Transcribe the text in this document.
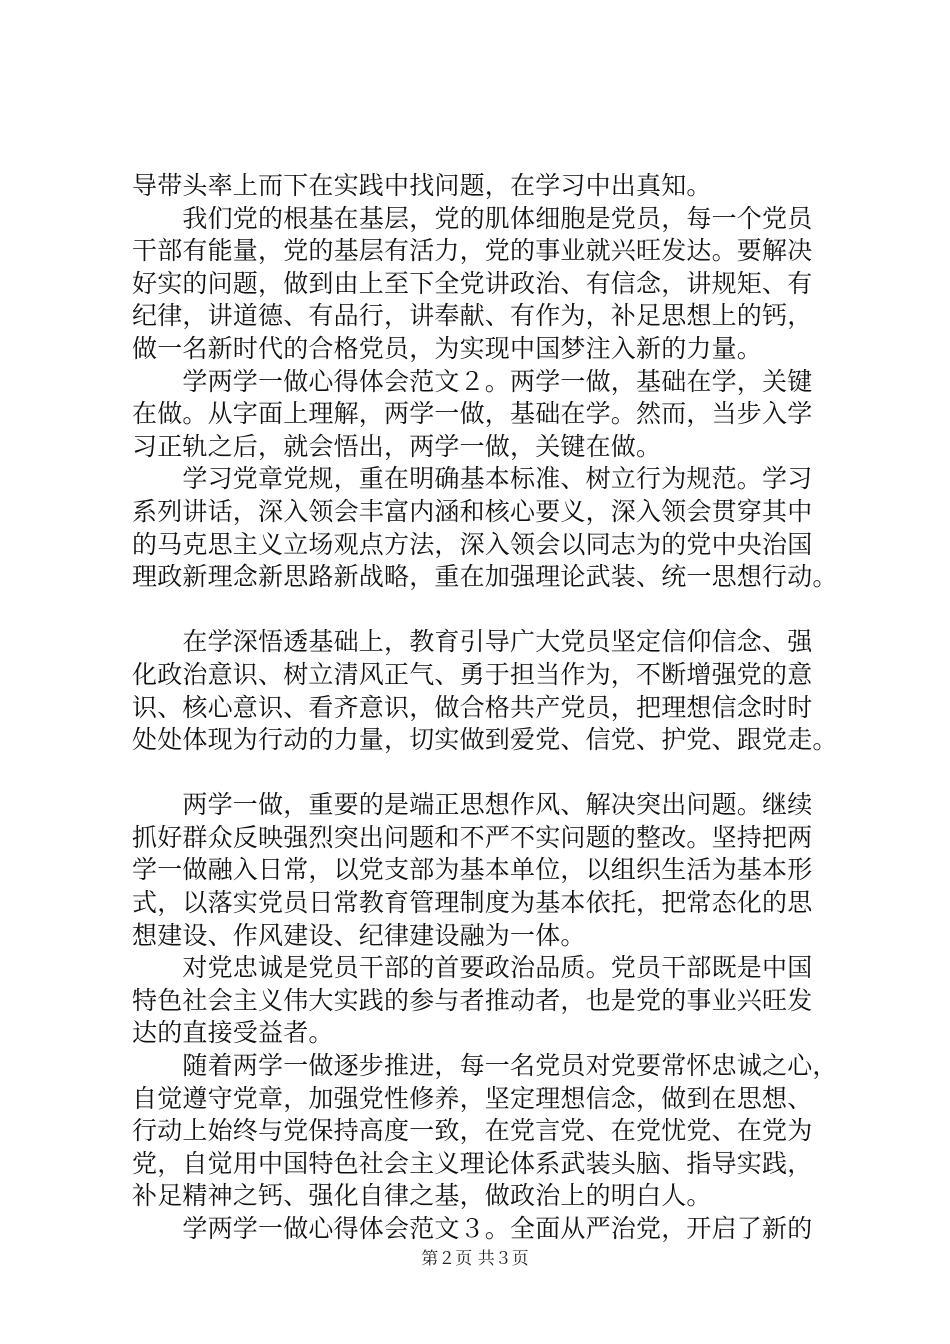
导带头率上而下在实践中找问题，在学习中出真知。

　　我们党的根基在基层，党的肌体细胞是党员，每一个党员

干部有能量，党的基层有活力，党的事业就兴旺发达。要解决

好实的问题，做到由上至下全党讲政治、有信念，讲规矩、有

纪律，讲道德、有品行，讲奉献、有作为，补足思想上的钙，

做一名新时代的合格党员，为实现中国梦注入新的力量。

　　学两学一做心得体会范文２。两学一做，基础在学，关键

在做。从字面上理解，两学一做，基础在学。然而，当步入学

习正轨之后，就会悟出，两学一做，关键在做。

　　学习党章党规，重在明确基本标准、树立行为规范。学习

系列讲话，深入领会丰富内涵和核心要义，深入领会贯穿其中

的马克思主义立场观点方法，深入领会以同志为的党中央治国

理政新理念新思路新战略，重在加强理论武装、统一思想行动。

　　在学深悟透基础上，教育引导广大党员坚定信仰信念、强

化政治意识、树立清风正气、勇于担当作为，不断增强党的意

识、核心意识、看齐意识，做合格共产党员，把理想信念时时

处处体现为行动的力量，切实做到爱党、信党、护党、跟党走。

　　两学一做，重要的是端正思想作风、解决突出问题。继续

抓好群众反映强烈突出问题和不严不实问题的整改。坚持把两

学一做融入日常，以党支部为基本单位，以组织生活为基本形

式，以落实党员日常教育管理制度为基本依托，把常态化的思

想建设、作风建设、纪律建设融为一体。

　　对党忠诚是党员干部的首要政治品质。党员干部既是中国

特色社会主义伟大实践的参与者推动者，也是党的事业兴旺发

达的直接受益者。

　　随着两学一做逐步推进，每一名党员对党要常怀忠诚之心，

自觉遵守党章，加强党性修养，坚定理想信念，做到在思想、

行动上始终与党保持高度一致，在党言党、在党忧党、在党为

党，自觉用中国特色社会主义理论体系武装头脑、指导实践，

补足精神之钙、强化自律之基，做政治上的明白人。

　　学两学一做心得体会范文３。全面从严治党，开启了新的

第２页 共３页
